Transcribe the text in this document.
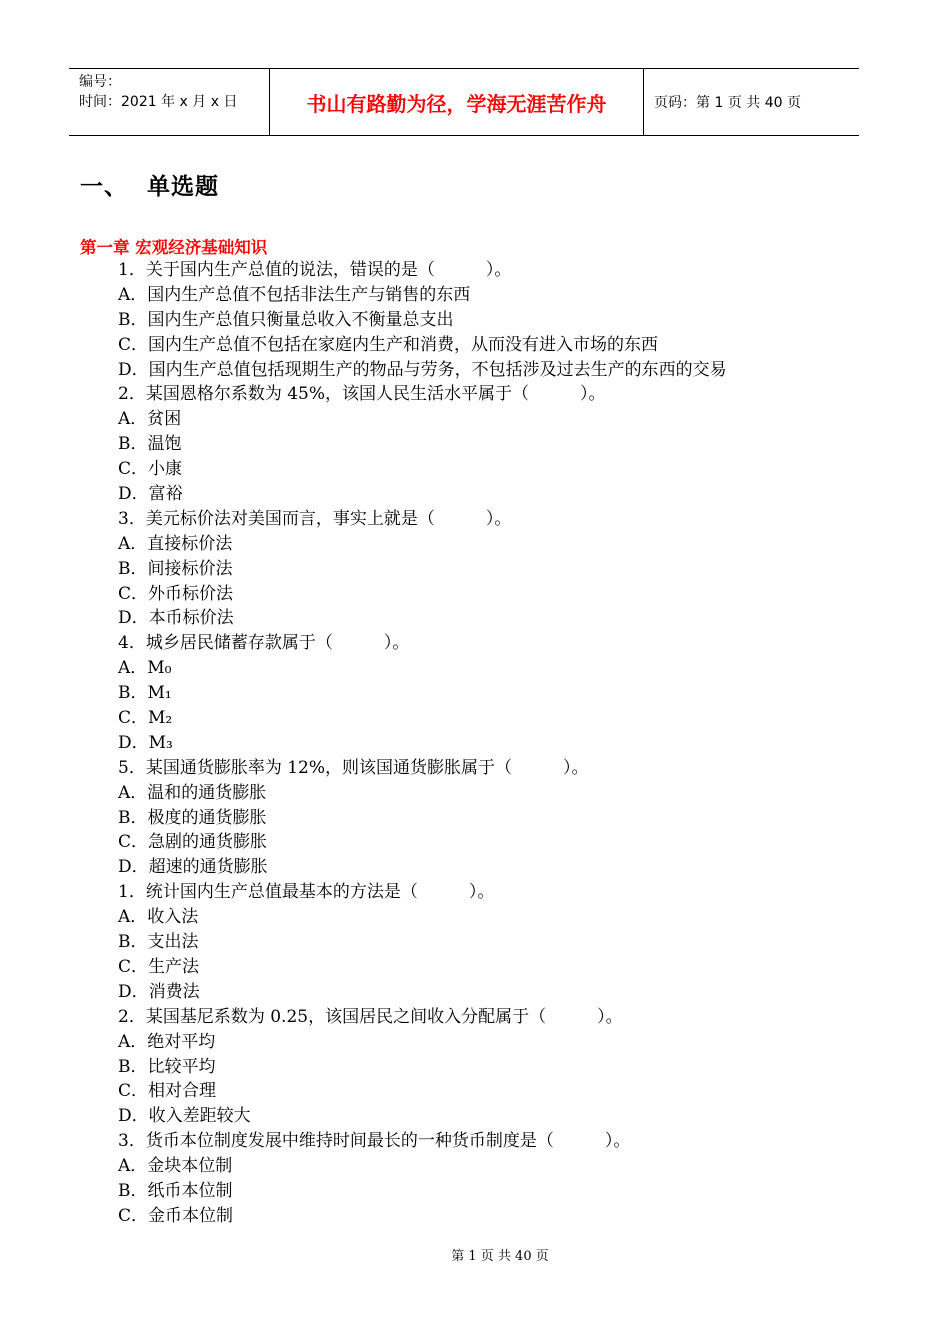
编号：
时间：2021 年 x 月 x 日	书山有路勤为径，学海无涯苦作舟	页码：第 1 页 共 40 页
一、 单选题
第一章 宏观经济基础知识
1．关于国内生产总值的说法，错误的是（　　　）。
A．国内生产总值不包括非法生产与销售的东西
B．国内生产总值只衡量总收入不衡量总支出
C．国内生产总值不包括在家庭内生产和消费，从而没有进入市场的东西
D．国内生产总值包括现期生产的物品与劳务，不包括涉及过去生产的东西的交易
2．某国恩格尔系数为 45%，该国人民生活水平属于（　　　）。
A．贫困
B．温饱
C．小康
D．富裕
3．美元标价法对美国而言，事实上就是（　　　）。
A．直接标价法
B．间接标价法
C．外币标价法
D．本币标价法
4．城乡居民储蓄存款属于（　　　）。
A．M₀
B．M₁
C．M₂
D．M₃
5．某国通货膨胀率为 12%，则该国通货膨胀属于（　　　）。
A．温和的通货膨胀
B．极度的通货膨胀
C．急剧的通货膨胀
D．超速的通货膨胀
1．统计国内生产总值最基本的方法是（　　　）。
A．收入法
B．支出法
C．生产法
D．消费法
2．某国基尼系数为 0.25，该国居民之间收入分配属于（　　　）。
A．绝对平均
B．比较平均
C．相对合理
D．收入差距较大
3．货币本位制度发展中维持时间最长的一种货币制度是（　　　）。
A．金块本位制
B．纸币本位制
C．金币本位制
第 1 页 共 40 页
